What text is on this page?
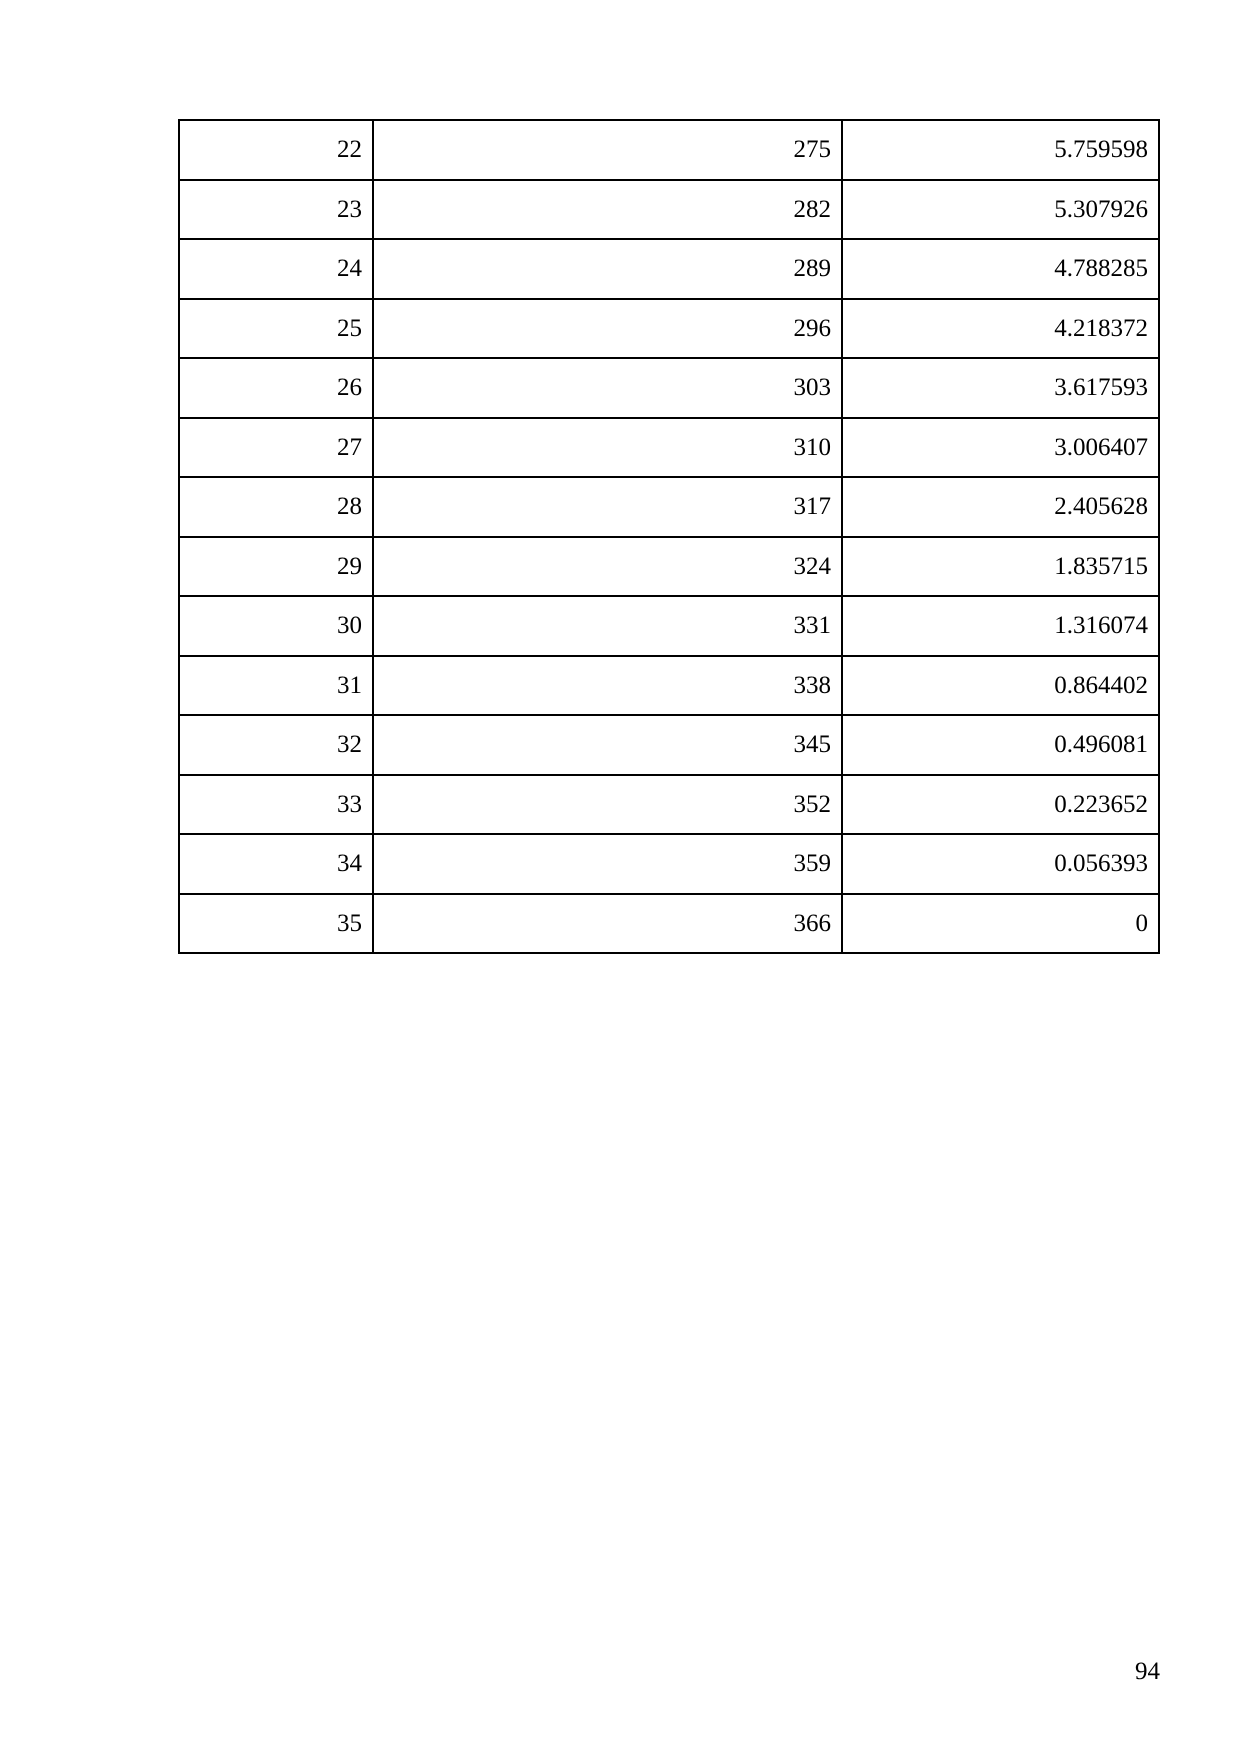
22	275	5.759598
23	282	5.307926
24	289	4.788285
25	296	4.218372
26	303	3.617593
27	310	3.006407
28	317	2.405628
29	324	1.835715
30	331	1.316074
31	338	0.864402
32	345	0.496081
33	352	0.223652
34	359	0.056393
35	366	0
94
